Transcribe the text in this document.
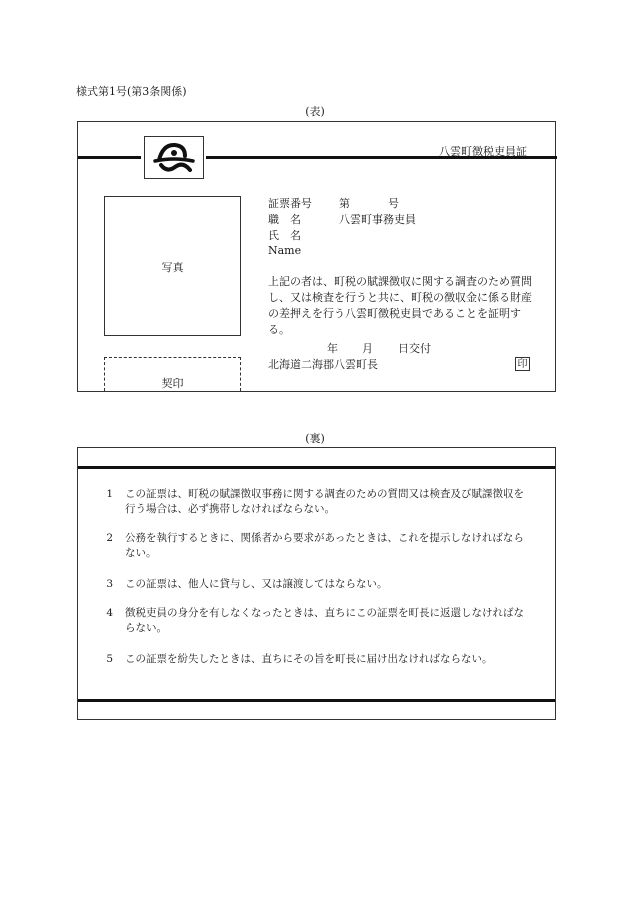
様式第1号(第3条関係)
(表)
八雲町徴税吏員証
写真
契印
証票番号 第	号
職　名	八雲町事務吏員
氏　名
Name
上記の者は、町税の賦課徴収に関する調査のため質問し、又は検査を行うと共に、町税の徴収金に係る財産の差押えを行う八雲町徴税吏員であることを証明する。
年 月 日交付
北海道二海郡八雲町長	印
(裏)
1 この証票は、町税の賦課徴収事務に関する調査のための質問又は検査及び賦課徴収を行う場合は、必ず携帯しなければならない。
2 公務を執行するときに、関係者から要求があったときは、これを提示しなければならない。
3 この証票は、他人に貸与し、又は譲渡してはならない。
4 徴税吏員の身分を有しなくなったときは、直ちにこの証票を町長に返還しなければならない。
5 この証票を紛失したときは、直ちにその旨を町長に届け出なければならない。
